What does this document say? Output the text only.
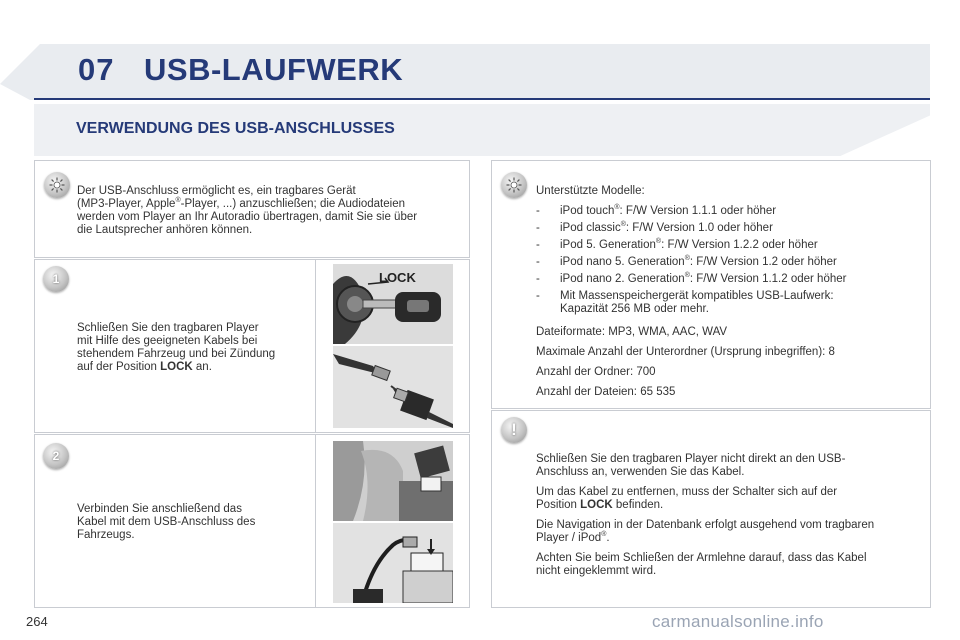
07 USB-LAUFWERK
VERWENDUNG DES USB-ANSCHLUSSES
Der USB-Anschluss ermöglicht es, ein tragbares Gerät
(MP3-Player, Apple®-Player, ...) anzuschließen; die Audiodateien
werden vom Player an Ihr Autoradio übertragen, damit Sie sie über
die Lautsprecher anhören können.
1
Schließen Sie den tragbaren Player
mit Hilfe des geeigneten Kabels bei
stehendem Fahrzeug und bei Zündung
auf der Position LOCK an.
LOCK
2
Verbinden Sie anschließend das
Kabel mit dem USB-Anschluss des
Fahrzeugs.

Unterstützte Modelle:

- iPod touch®: F/W Version 1.1.1 oder höher
- iPod classic®: F/W Version 1.0 oder höher
- iPod 5. Generation®: F/W Version 1.2.2 oder höher
- iPod nano 5. Generation®: F/W Version 1.2 oder höher
- iPod nano 2. Generation®: F/W Version 1.1.2 oder höher
- Mit Massenspeichergerät kompatibles USB-Laufwerk:
Kapazität 256 MB oder mehr.

Dateiformate: MP3, WMA, AAC, WAV

Maximale Anzahl der Unterordner (Ursprung inbegriffen): 8

Anzahl der Ordner: 700

Anzahl der Dateien: 65 535

!

Schließen Sie den tragbaren Player nicht direkt an den USB-
Anschluss an, verwenden Sie das Kabel.

Um das Kabel zu entfernen, muss der Schalter sich auf der
Position LOCK befinden.

Die Navigation in der Datenbank erfolgt ausgehend vom tragbaren
Player / iPod®.

Achten Sie beim Schließen der Armlehne darauf, dass das Kabel
nicht eingeklemmt wird.

264	carmanualsonline.info
